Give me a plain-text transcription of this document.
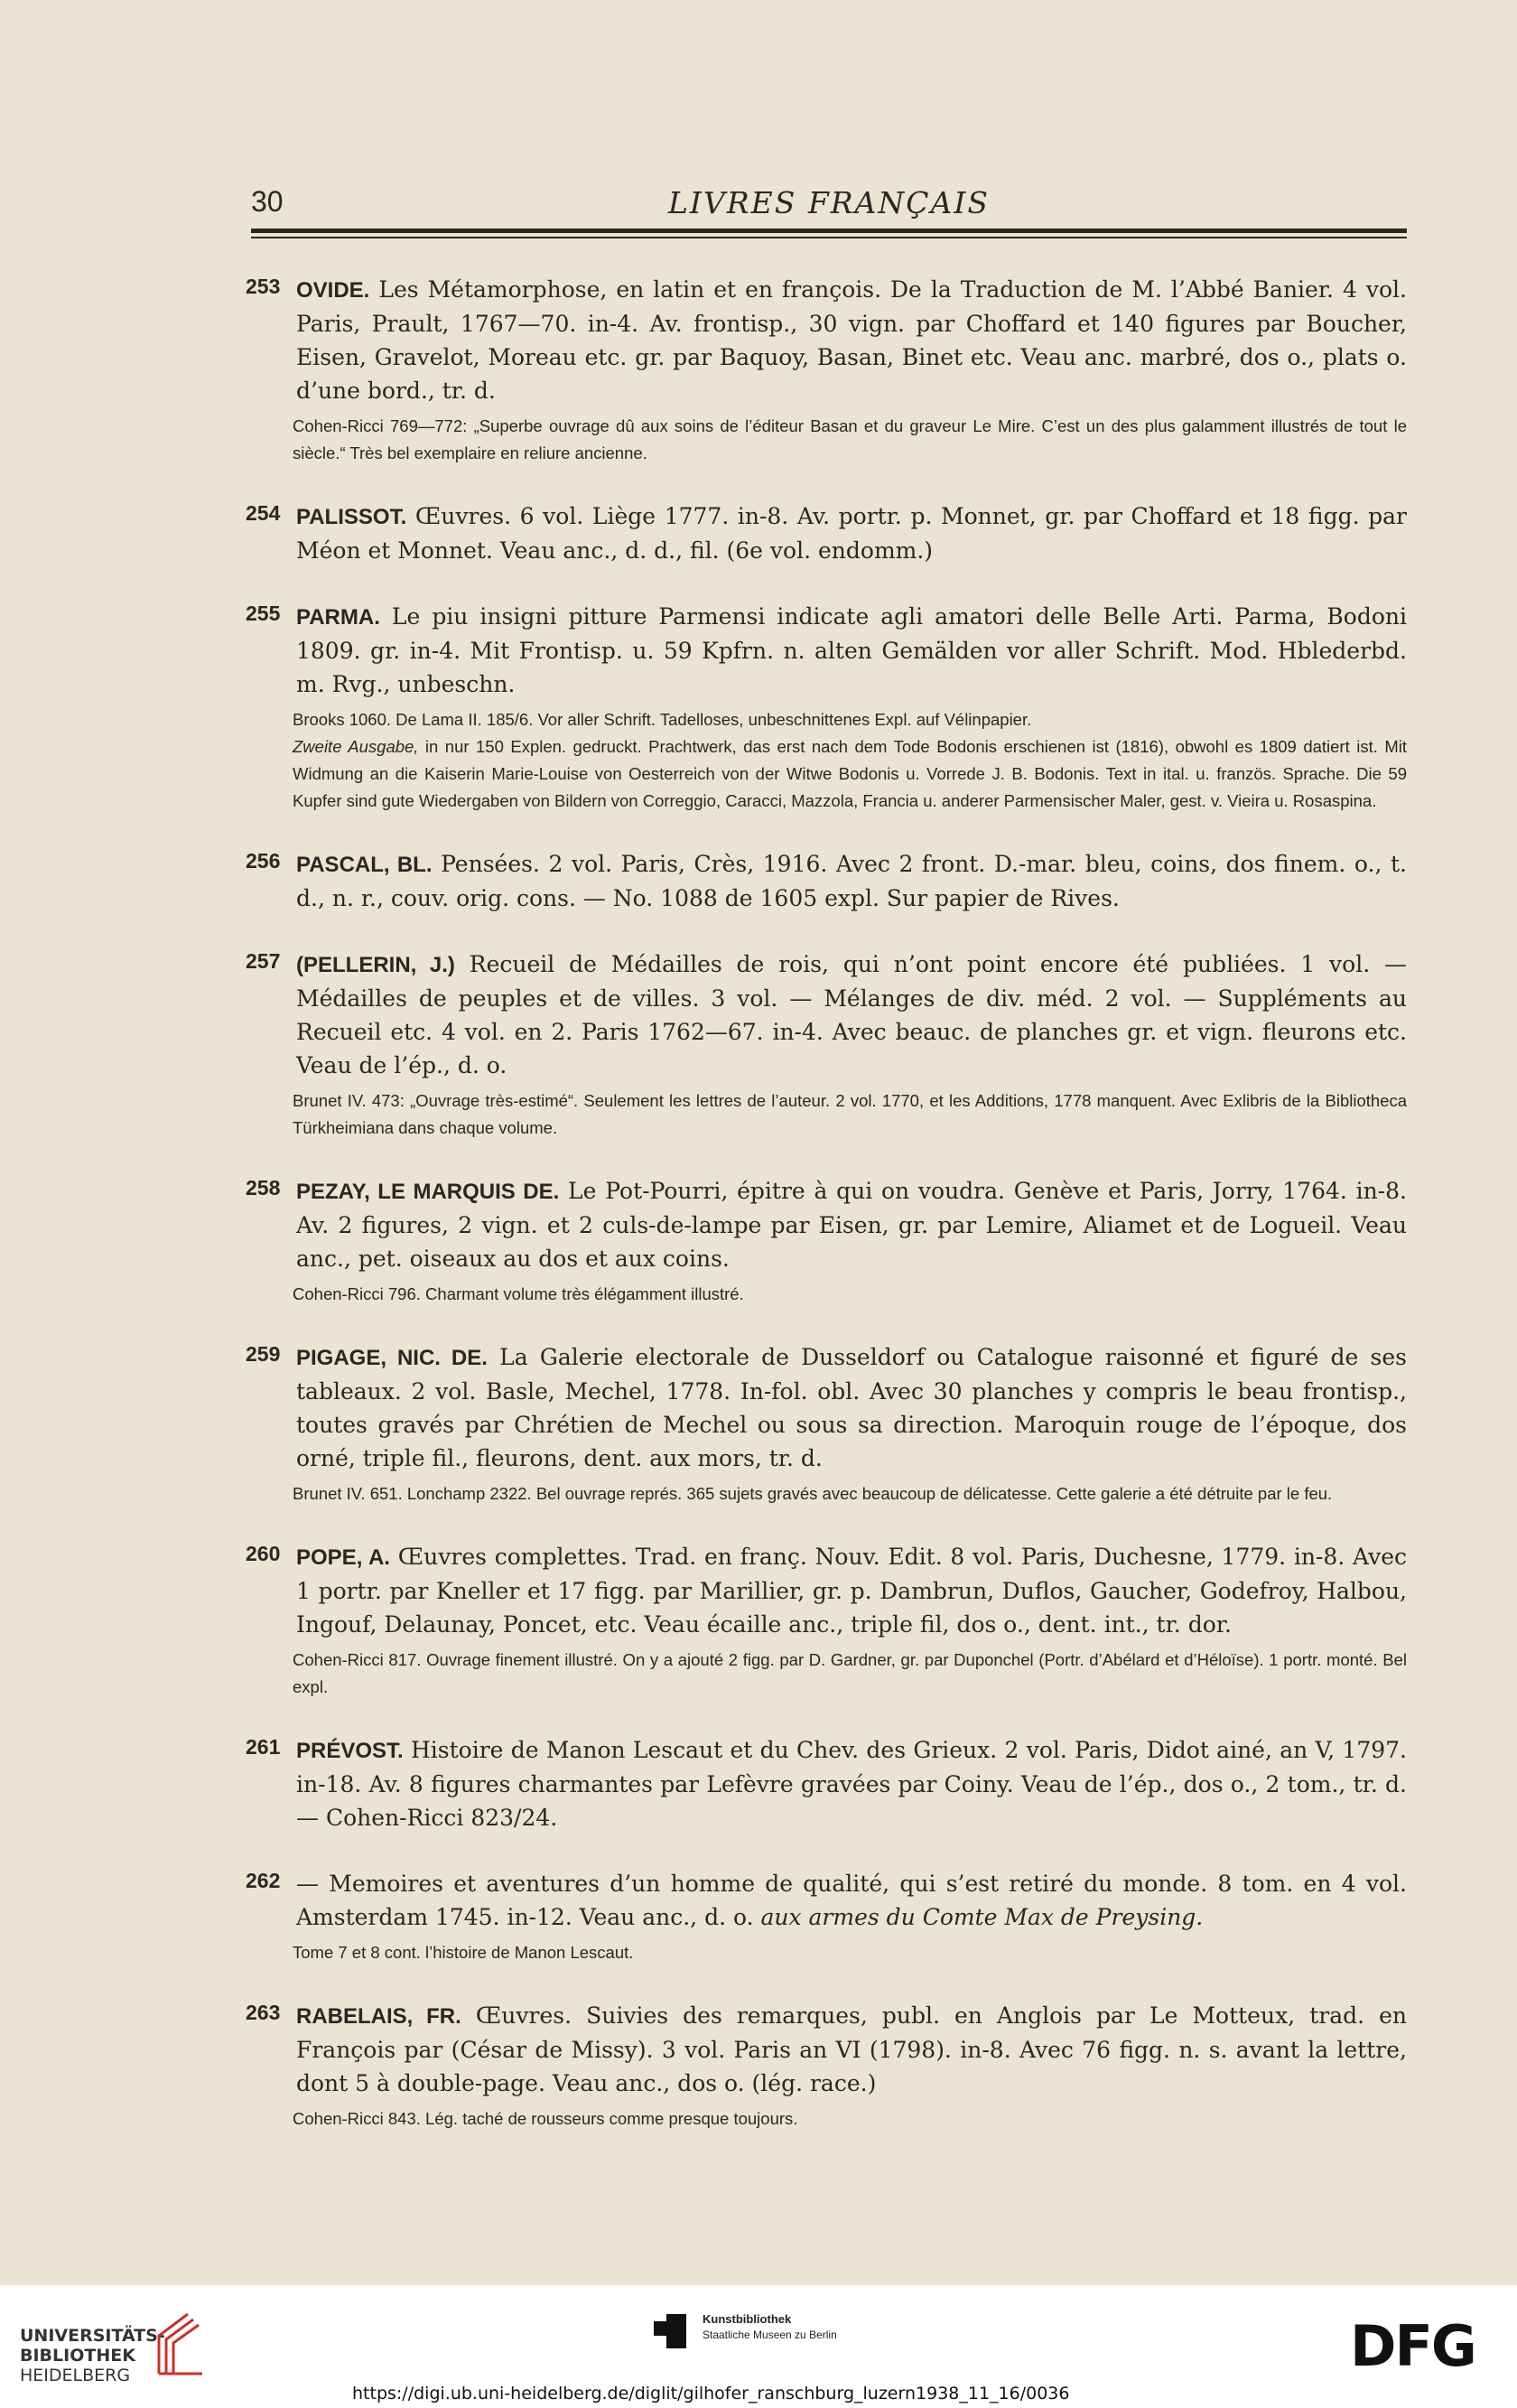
30	LIVRES FRANÇAIS
253 OVIDE. Les Métamorphose, en latin et en françois. De la Traduction de M. l’Abbé Banier. 4 vol. Paris, Prault, 1767—70. in-4. Av. frontisp., 30 vign. par Choffard et 140 figures par Boucher, Eisen, Gravelot, Moreau etc. gr. par Baquoy, Basan, Binet etc. Veau anc. marbré, dos o., plats o. d’une bord., tr. d.
Cohen-Ricci 769—772: „Superbe ouvrage dû aux soins de l’éditeur Basan et du graveur Le Mire. C’est un des plus galamment illustrés de tout le siècle.“ Très bel exemplaire en reliure ancienne.
254 PALISSOT. Œuvres. 6 vol. Liège 1777. in-8. Av. portr. p. Monnet, gr. par Choffard et 18 figg. par Méon et Monnet. Veau anc., d. d., fil. (6e vol. endomm.)
255 PARMA. Le piu insigni pitture Parmensi indicate agli amatori delle Belle Arti. Parma, Bodoni 1809. gr. in-4. Mit Frontisp. u. 59 Kpfrn. n. alten Gemälden vor aller Schrift. Mod. Hblederbd. m. Rvg., unbeschn.
Brooks 1060. De Lama II. 185/6. Vor aller Schrift. Tadelloses, unbeschnittenes Expl. auf Vélinpapier.
Zweite Ausgabe, in nur 150 Explen. gedruckt. Prachtwerk, das erst nach dem Tode Bodonis erschienen ist (1816), obwohl es 1809 datiert ist. Mit Widmung an die Kaiserin Marie-Louise von Oesterreich von der Witwe Bodonis u. Vorrede J. B. Bodonis. Text in ital. u. französ. Sprache. Die 59 Kupfer sind gute Wiedergaben von Bildern von Correggio, Caracci, Mazzola, Francia u. anderer Parmensischer Maler, gest. v. Vieira u. Rosaspina.
256 PASCAL, BL. Pensées. 2 vol. Paris, Crès, 1916. Avec 2 front. D.-mar. bleu, coins, dos finem. o., t. d., n. r., couv. orig. cons. — No. 1088 de 1605 expl. Sur papier de Rives.
257 (PELLERIN, J.) Recueil de Médailles de rois, qui n’ont point encore été publiées. 1 vol. — Médailles de peuples et de villes. 3 vol. — Mélanges de div. méd. 2 vol. — Suppléments au Recueil etc. 4 vol. en 2. Paris 1762—67. in-4. Avec beauc. de planches gr. et vign. fleurons etc. Veau de l’ép., d. o.
Brunet IV. 473: „Ouvrage très-estimé“. Seulement les lettres de l’auteur. 2 vol. 1770, et les Additions, 1778 manquent. Avec Exlibris de la Bibliotheca Türkheimiana dans chaque volume.
258 PEZAY, LE MARQUIS DE. Le Pot-Pourri, épitre à qui on voudra. Genève et Paris, Jorry, 1764. in-8. Av. 2 figures, 2 vign. et 2 culs-de-lampe par Eisen, gr. par Lemire, Aliamet et de Logueil. Veau anc., pet. oiseaux au dos et aux coins.
Cohen-Ricci 796. Charmant volume très élégamment illustré.
259 PIGAGE, NIC. DE. La Galerie electorale de Dusseldorf ou Catalogue raisonné et figuré de ses tableaux. 2 vol. Basle, Mechel, 1778. In-fol. obl. Avec 30 planches y compris le beau frontisp., toutes gravés par Chrétien de Mechel ou sous sa direction. Maroquin rouge de l’époque, dos orné, triple fil., fleurons, dent. aux mors, tr. d.
Brunet IV. 651. Lonchamp 2322. Bel ouvrage représ. 365 sujets gravés avec beaucoup de délicatesse. Cette galerie a été détruite par le feu.
260 POPE, A. Œuvres complettes. Trad. en franç. Nouv. Edit. 8 vol. Paris, Duchesne, 1779. in-8. Avec 1 portr. par Kneller et 17 figg. par Marillier, gr. p. Dambrun, Duflos, Gaucher, Godefroy, Halbou, Ingouf, Delaunay, Poncet, etc. Veau écaille anc., triple fil, dos o., dent. int., tr. dor.
Cohen-Ricci 817. Ouvrage finement illustré. On y a ajouté 2 figg. par D. Gardner, gr. par Duponchel (Portr. d’Abélard et d’Héloïse). 1 portr. monté. Bel expl.
261 PRÉVOST. Histoire de Manon Lescaut et du Chev. des Grieux. 2 vol. Paris, Didot ainé, an V, 1797. in-18. Av. 8 figures charmantes par Lefèvre gravées par Coiny. Veau de l’ép., dos o., 2 tom., tr. d. — Cohen-Ricci 823/24.
262 — Memoires et aventures d’un homme de qualité, qui s’est retiré du monde. 8 tom. en 4 vol. Amsterdam 1745. in-12. Veau anc., d. o. aux armes du Comte Max de Preysing.
Tome 7 et 8 cont. l’histoire de Manon Lescaut.
263 RABELAIS, FR. Œuvres. Suivies des remarques, publ. en Anglois par Le Motteux, trad. en François par (César de Missy). 3 vol. Paris an VI (1798). in-8. Avec 76 figg. n. s. avant la lettre, dont 5 à double-page. Veau anc., dos o. (lég. race.)
Cohen-Ricci 843. Lég. taché de rousseurs comme presque toujours.
UNIVERSITÄTS-
BIBLIOTHEK
HEIDELBERG
Kunstbibliothek
Staatliche Museen zu Berlin	DFG
https://digi.ub.uni-heidelberg.de/diglit/gilhofer_ranschburg_luzern1938_11_16/0036
